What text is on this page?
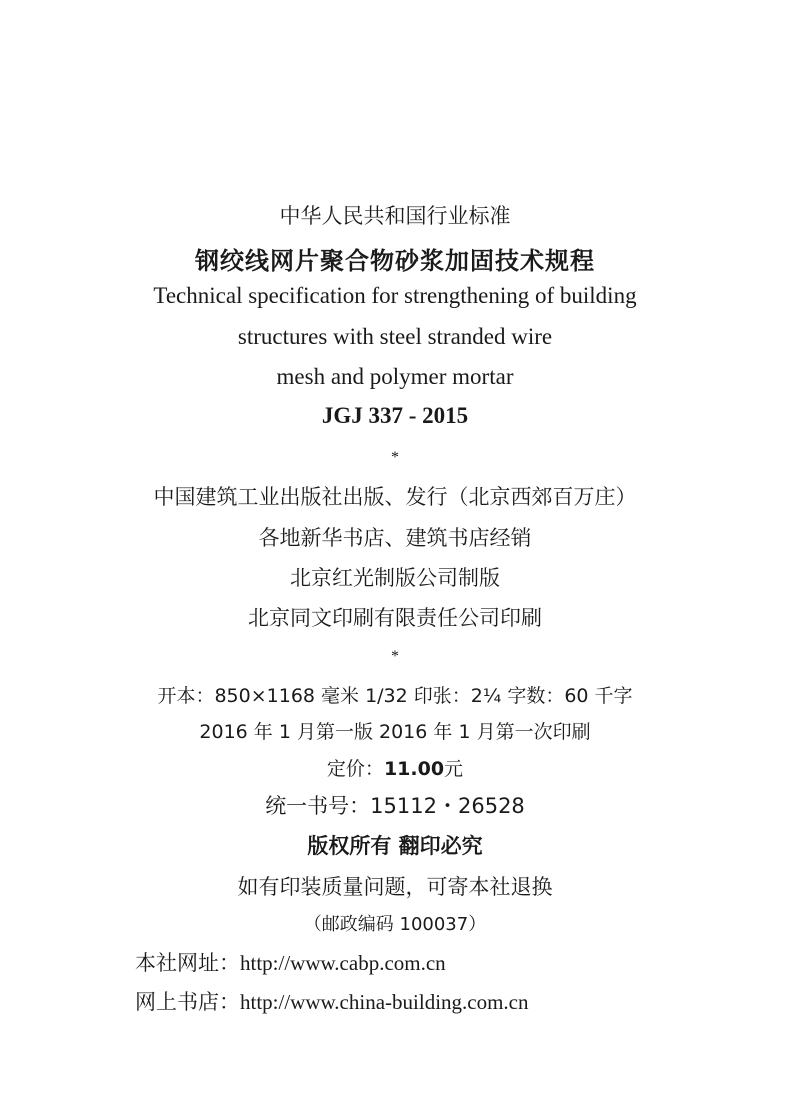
中华人民共和国行业标准
钢绞线网片聚合物砂浆加固技术规程
Technical specification for strengthening of building
structures with steel stranded wire
mesh and polymer mortar
JGJ 337 - 2015
*
中国建筑工业出版社出版、发行（北京西郊百万庄）
各地新华书店、建筑书店经销
北京红光制版公司制版
北京同文印刷有限责任公司印刷
*
开本：850×1168 毫米 1/32 印张：2¼ 字数：60 千字
2016 年 1 月第一版 2016 年 1 月第一次印刷
定价：11.00元
统一书号：15112・26528
版权所有 翻印必究
如有印装质量问题，可寄本社退换
（邮政编码 100037）
本社网址：http://www.cabp.com.cn
网上书店：http://www.china-building.com.cn
